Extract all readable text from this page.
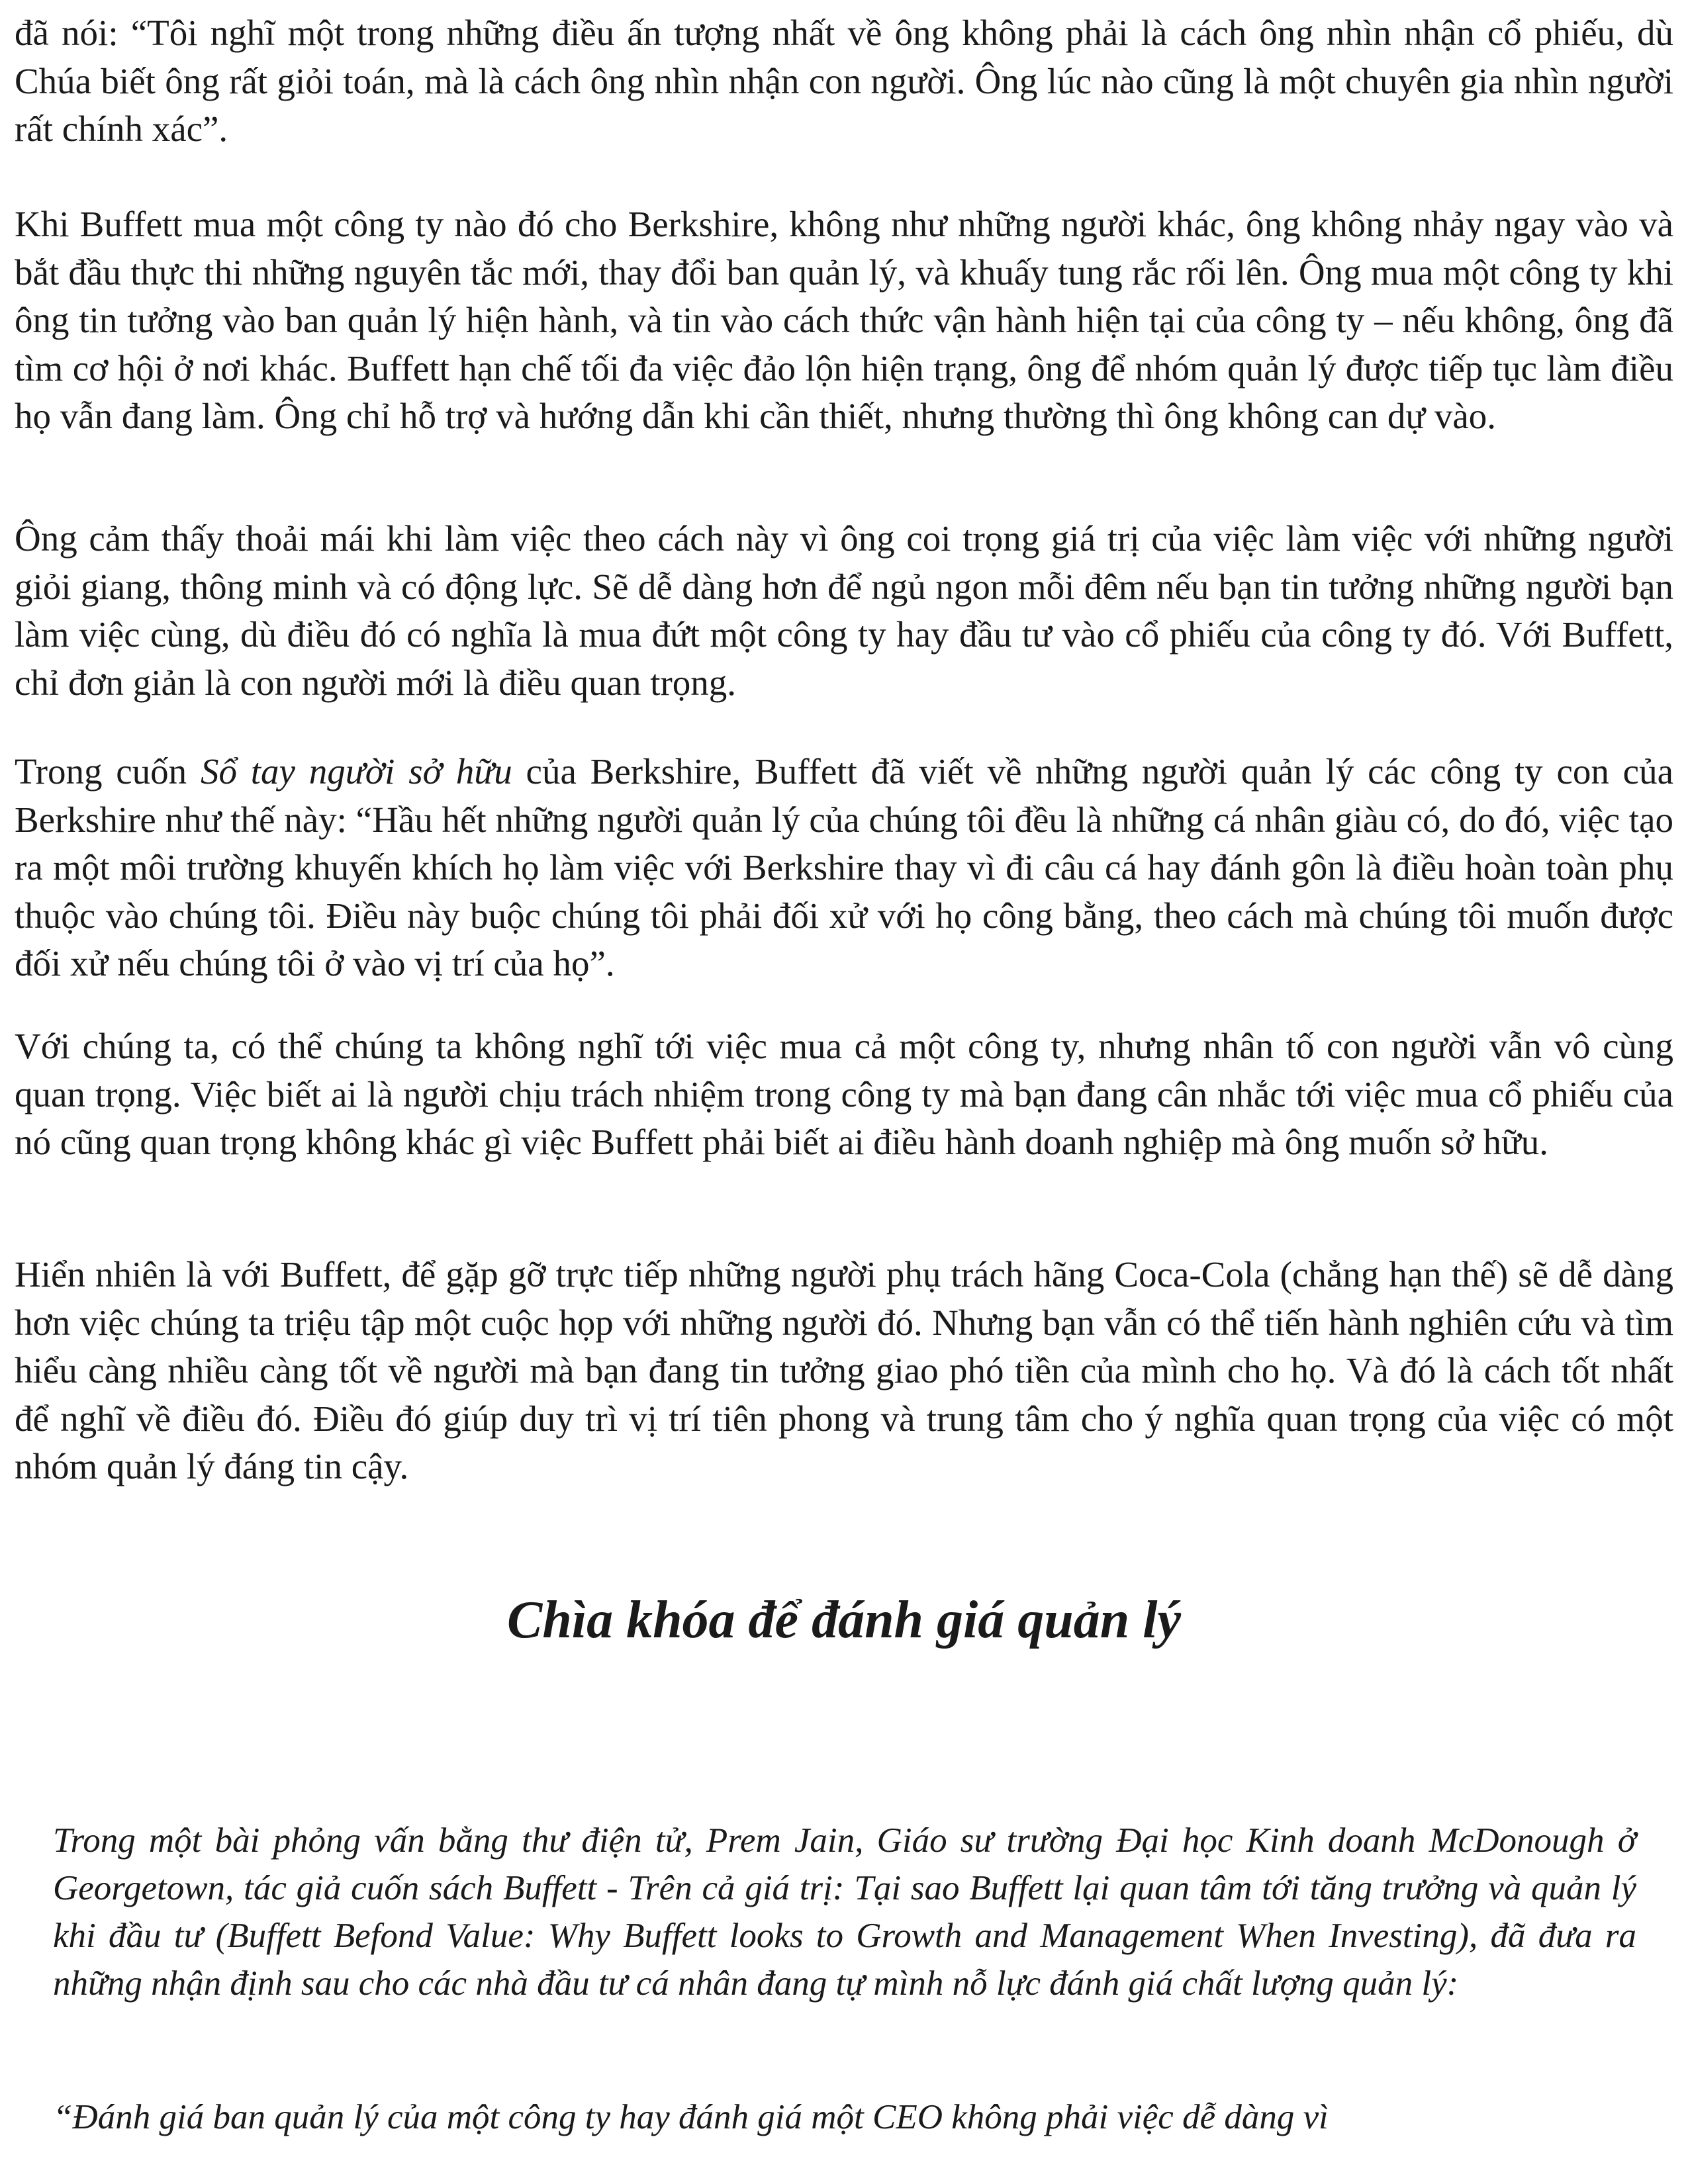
đã nói: “Tôi nghĩ một trong những điều ấn tượng nhất về ông không phải là cách ông nhìn nhận cổ phiếu, dù Chúa biết ông rất giỏi toán, mà là cách ông nhìn nhận con người. Ông lúc nào cũng là một chuyên gia nhìn người rất chính xác”.

Khi Buffett mua một công ty nào đó cho Berkshire, không như những người khác, ông không nhảy ngay vào và bắt đầu thực thi những nguyên tắc mới, thay đổi ban quản lý, và khuấy tung rắc rối lên. Ông mua một công ty khi ông tin tưởng vào ban quản lý hiện hành, và tin vào cách thức vận hành hiện tại của công ty – nếu không, ông đã tìm cơ hội ở nơi khác. Buffett hạn chế tối đa việc đảo lộn hiện trạng, ông để nhóm quản lý được tiếp tục làm điều họ vẫn đang làm. Ông chỉ hỗ trợ và hướng dẫn khi cần thiết, nhưng thường thì ông không can dự vào.

Ông cảm thấy thoải mái khi làm việc theo cách này vì ông coi trọng giá trị của việc làm việc với những người giỏi giang, thông minh và có động lực. Sẽ dễ dàng hơn để ngủ ngon mỗi đêm nếu bạn tin tưởng những người bạn làm việc cùng, dù điều đó có nghĩa là mua đứt một công ty hay đầu tư vào cổ phiếu của công ty đó. Với Buffett, chỉ đơn giản là con người mới là điều quan trọng.

Trong cuốn Sổ tay người sở hữu của Berkshire, Buffett đã viết về những người quản lý các công ty con của Berkshire như thế này: “Hầu hết những người quản lý của chúng tôi đều là những cá nhân giàu có, do đó, việc tạo ra một môi trường khuyến khích họ làm việc với Berkshire thay vì đi câu cá hay đánh gôn là điều hoàn toàn phụ thuộc vào chúng tôi. Điều này buộc chúng tôi phải đối xử với họ công bằng, theo cách mà chúng tôi muốn được đối xử nếu chúng tôi ở vào vị trí của họ”.

Với chúng ta, có thể chúng ta không nghĩ tới việc mua cả một công ty, nhưng nhân tố con người vẫn vô cùng quan trọng. Việc biết ai là người chịu trách nhiệm trong công ty mà bạn đang cân nhắc tới việc mua cổ phiếu của nó cũng quan trọng không khác gì việc Buffett phải biết ai điều hành doanh nghiệp mà ông muốn sở hữu.

Hiển nhiên là với Buffett, để gặp gỡ trực tiếp những người phụ trách hãng Coca-Cola (chẳng hạn thế) sẽ dễ dàng hơn việc chúng ta triệu tập một cuộc họp với những người đó. Nhưng bạn vẫn có thể tiến hành nghiên cứu và tìm hiểu càng nhiều càng tốt về người mà bạn đang tin tưởng giao phó tiền của mình cho họ. Và đó là cách tốt nhất để nghĩ về điều đó. Điều đó giúp duy trì vị trí tiên phong và trung tâm cho ý nghĩa quan trọng của việc có một nhóm quản lý đáng tin cậy.

Chìa khóa để đánh giá quản lý

Trong một bài phỏng vấn bằng thư điện tử, Prem Jain, Giáo sư trường Đại học Kinh doanh McDonough ở Georgetown, tác giả cuốn sách Buffett - Trên cả giá trị: Tại sao Buffett lại quan tâm tới tăng trưởng và quản lý khi đầu tư (Buffett Befond Value: Why Buffett looks to Growth and Management When Investing), đã đưa ra những nhận định sau cho các nhà đầu tư cá nhân đang tự mình nỗ lực đánh giá chất lượng quản lý:

“Đánh giá ban quản lý của một công ty hay đánh giá một CEO không phải việc dễ dàng vì
